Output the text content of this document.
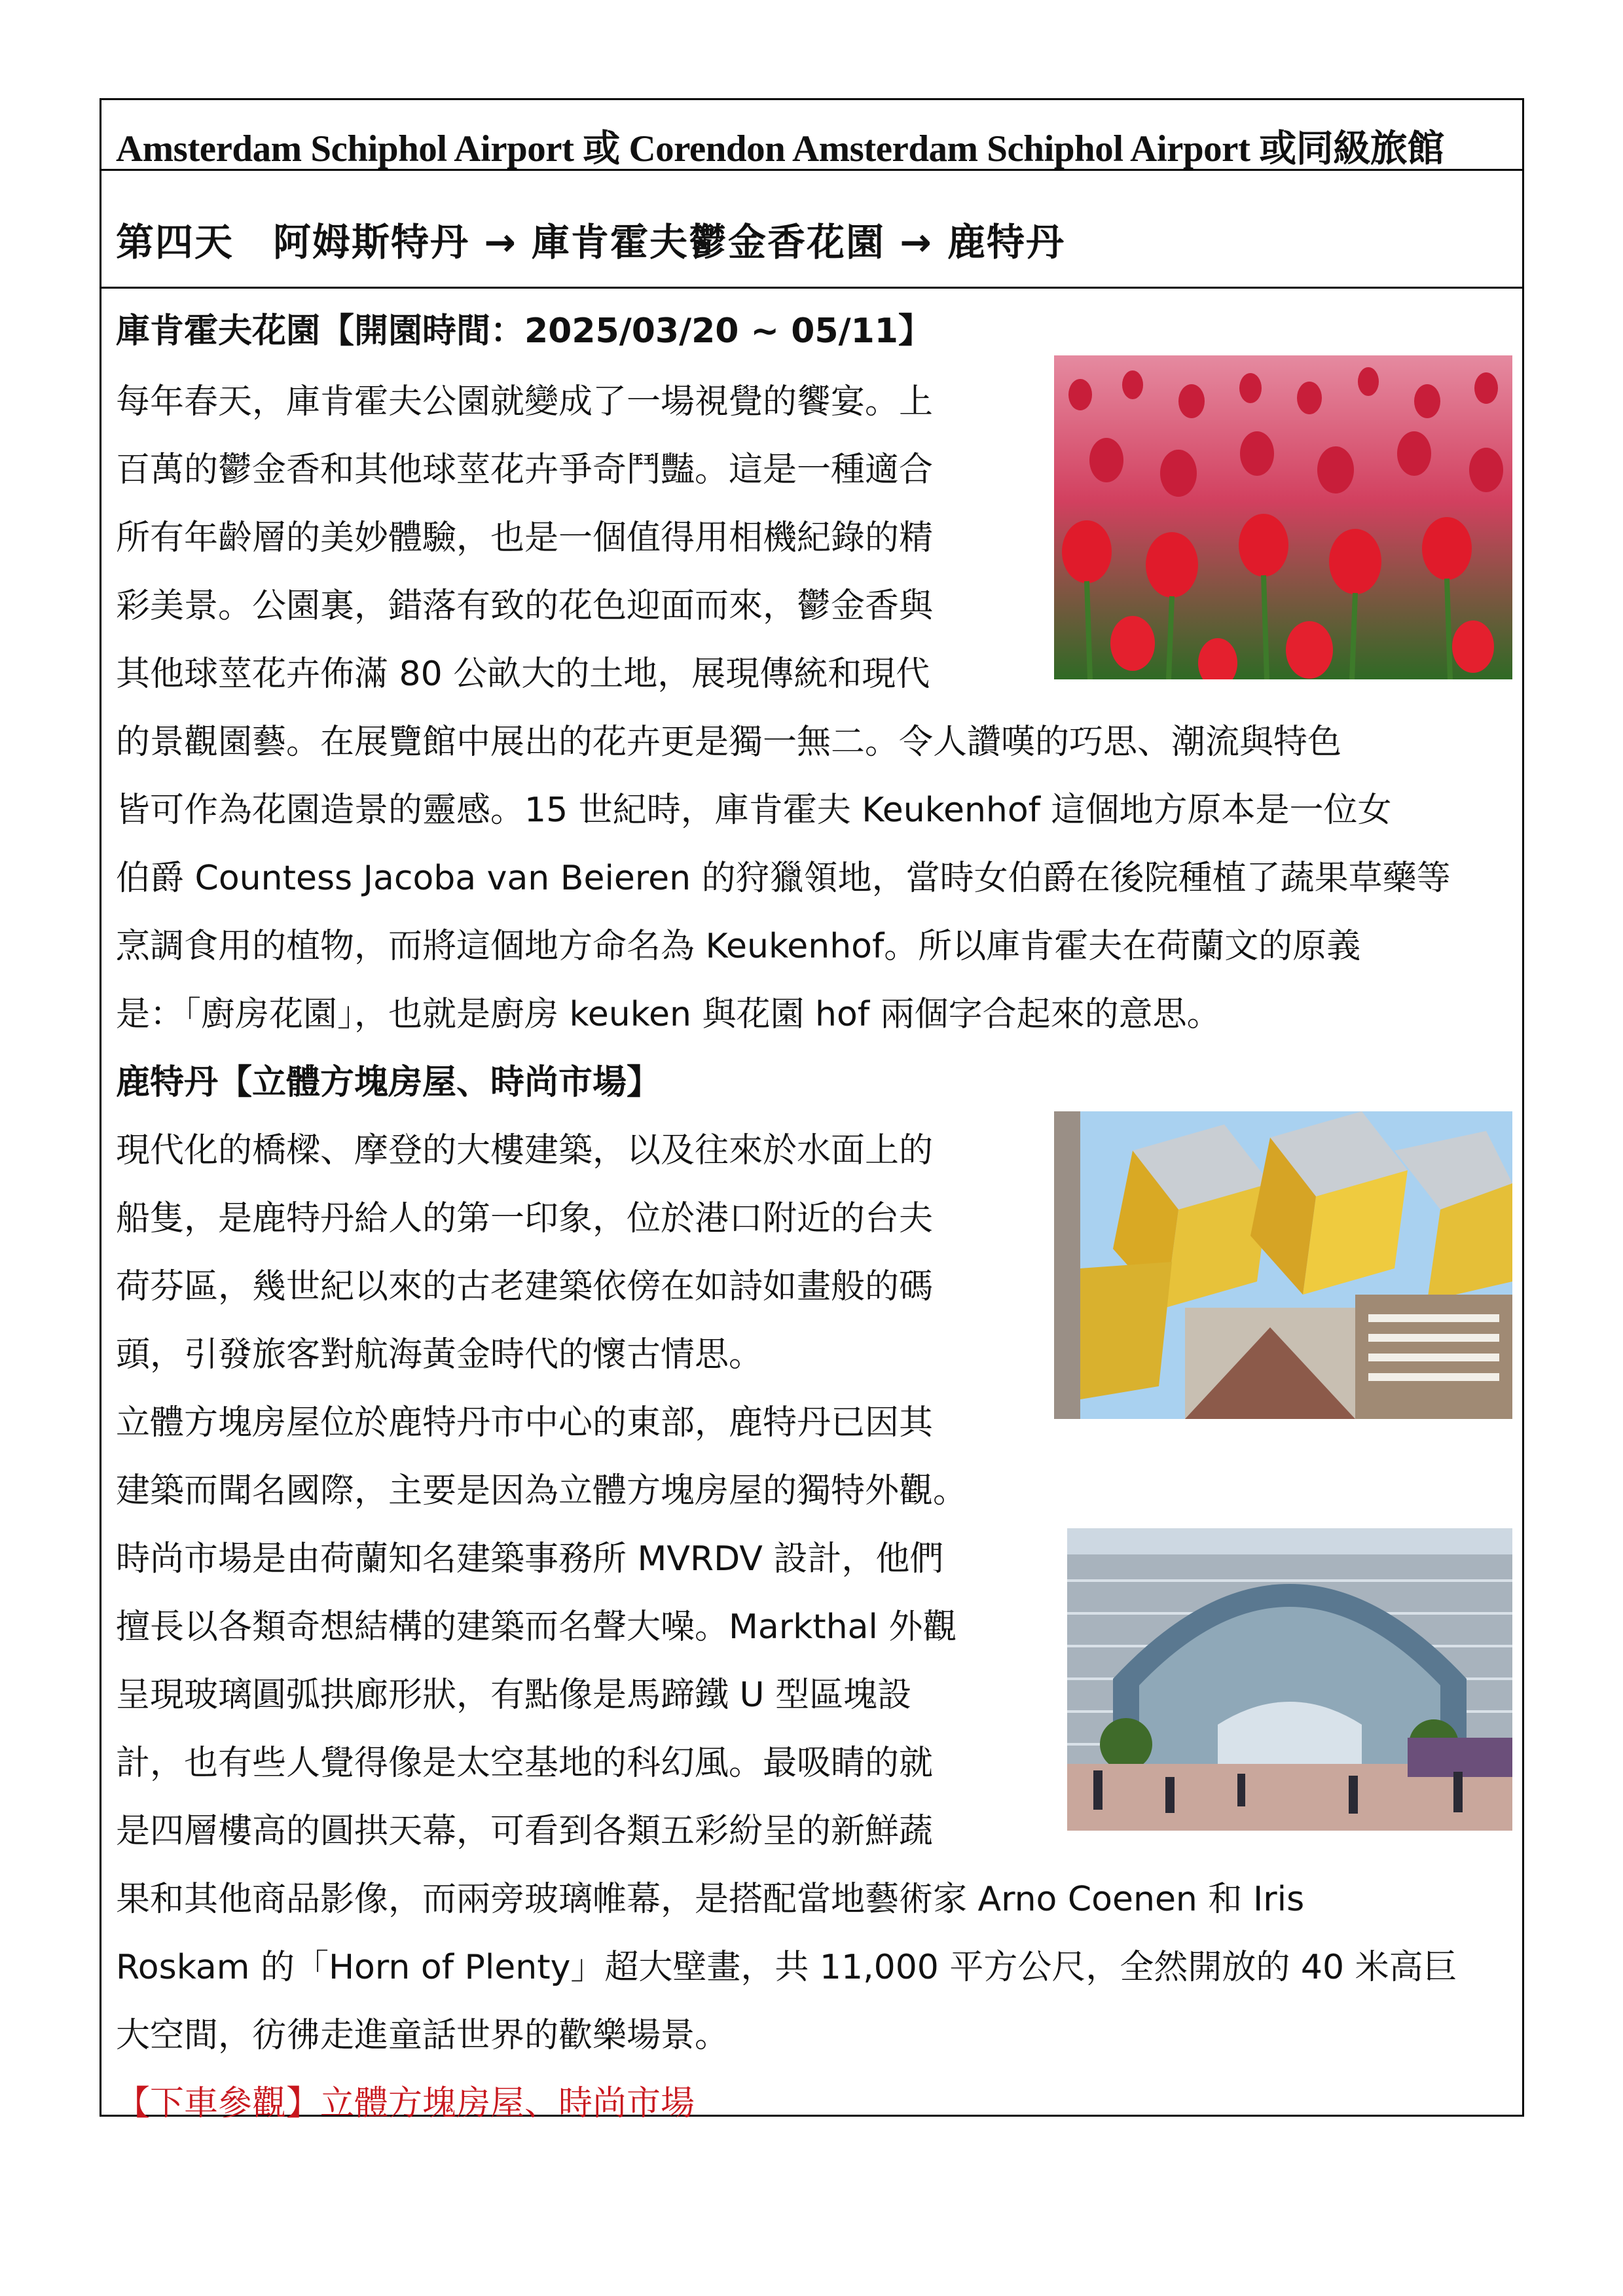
Amsterdam Schiphol Airport 或 Corendon Amsterdam Schiphol Airport 或同級旅館
第四天　阿姆斯特丹 → 庫肯霍夫鬱金香花園 → 鹿特丹
庫肯霍夫花園【開園時間：2025/03/20 ~ 05/11】
每年春天，庫肯霍夫公園就變成了一場視覺的饗宴。上
百萬的鬱金香和其他球莖花卉爭奇鬥豔。這是一種適合
所有年齡層的美妙體驗，也是一個值得用相機紀錄的精
彩美景。公園裏，錯落有致的花色迎面而來，鬱金香與
其他球莖花卉佈滿 80 公畝大的土地，展現傳統和現代
的景觀園藝。在展覽館中展出的花卉更是獨一無二。令人讚嘆的巧思、潮流與特色
皆可作為花園造景的靈感。15 世紀時，庫肯霍夫 Keukenhof 這個地方原本是一位女
伯爵 Countess Jacoba van Beieren 的狩獵領地，當時女伯爵在後院種植了蔬果草藥等
烹調食用的植物，而將這個地方命名為 Keukenhof。所以庫肯霍夫在荷蘭文的原義
是：「廚房花園」，也就是廚房 keuken 與花園 hof 兩個字合起來的意思。
鹿特丹【立體方塊房屋、時尚市場】
現代化的橋樑、摩登的大樓建築，以及往來於水面上的
船隻，是鹿特丹給人的第一印象，位於港口附近的台夫
荷芬區，幾世紀以來的古老建築依傍在如詩如畫般的碼
頭，引發旅客對航海黃金時代的懷古情思。
立體方塊房屋位於鹿特丹市中心的東部，鹿特丹已因其
建築而聞名國際，主要是因為立體方塊房屋的獨特外觀。
時尚市場是由荷蘭知名建築事務所 MVRDV 設計，他們
擅長以各類奇想結構的建築而名聲大噪。Markthal 外觀
呈現玻璃圓弧拱廊形狀，有點像是馬蹄鐵 U 型區塊設
計，也有些人覺得像是太空基地的科幻風。最吸睛的就
是四層樓高的圓拱天幕，可看到各類五彩紛呈的新鮮蔬
果和其他商品影像，而兩旁玻璃帷幕，是搭配當地藝術家 Arno Coenen 和 Iris
Roskam 的「Horn of Plenty」超大壁畫，共 11,000 平方公尺，全然開放的 40 米高巨
大空間，彷彿走進童話世界的歡樂場景。
【下車參觀】立體方塊房屋、時尚市場
